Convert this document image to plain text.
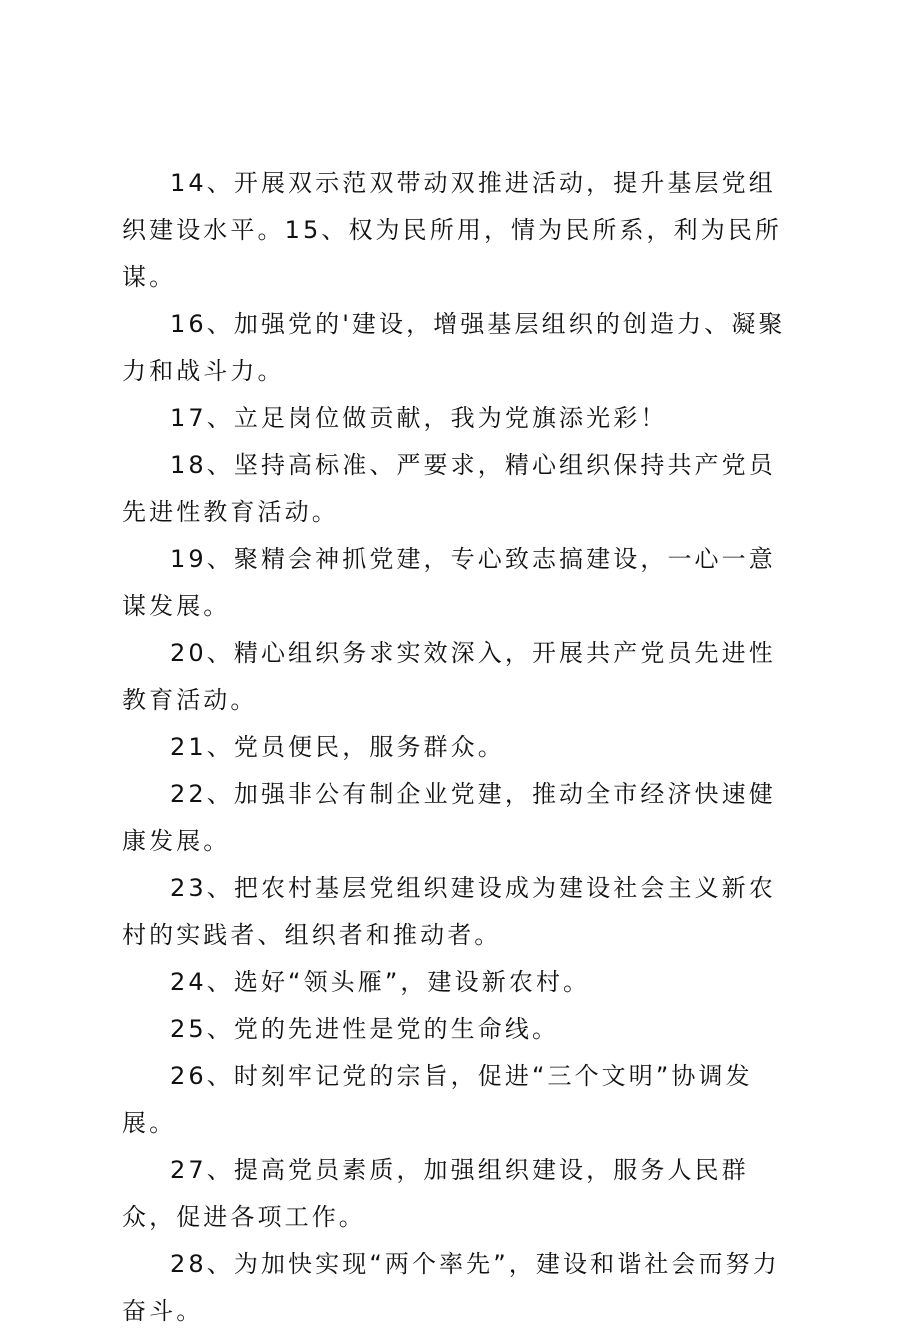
14、开展双示范双带动双推进活动，提升基层党组织建设水平。15、权为民所用，情为民所系，利为民所谋。

16、加强党的'建设，增强基层组织的创造力、凝聚力和战斗力。

17、立足岗位做贡献，我为党旗添光彩！

18、坚持高标准、严要求，精心组织保持共产党员先进性教育活动。

19、聚精会神抓党建，专心致志搞建设，一心一意谋发展。

20、精心组织务求实效深入，开展共产党员先进性教育活动。

21、党员便民，服务群众。

22、加强非公有制企业党建，推动全市经济快速健康发展。

23、把农村基层党组织建设成为建设社会主义新农村的实践者、组织者和推动者。

24、选好“领头雁”，建设新农村。

25、党的先进性是党的生命线。

26、时刻牢记党的宗旨，促进“三个文明”协调发展。

27、提高党员素质，加强组织建设，服务人民群众，促进各项工作。

28、为加快实现“两个率先”，建设和谐社会而努力奋斗。
